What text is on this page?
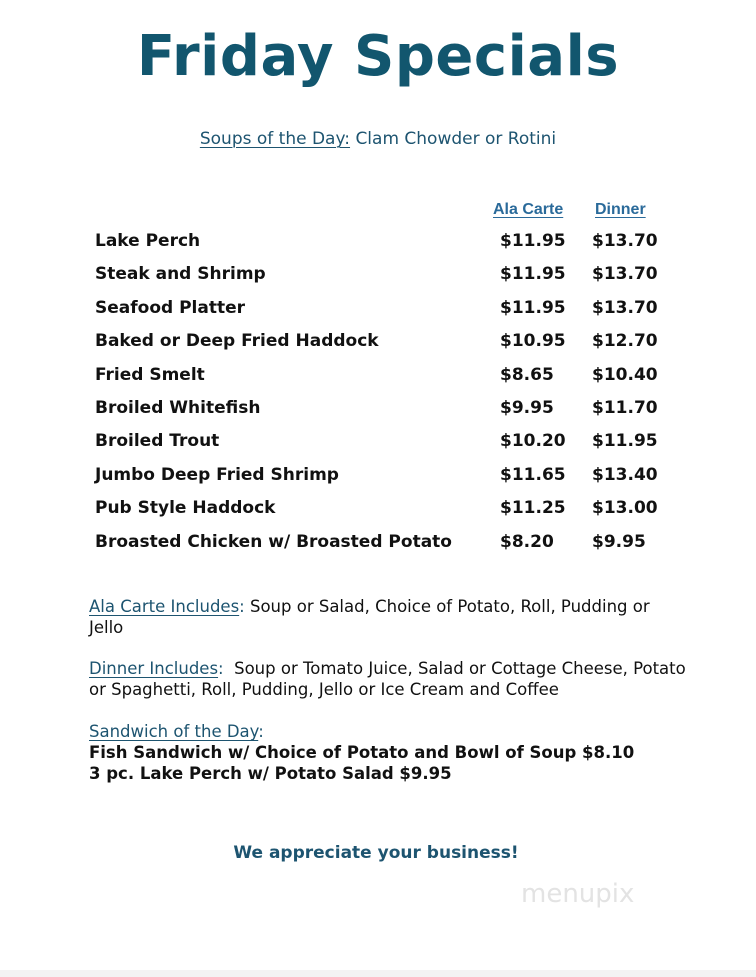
Friday Specials
Soups of the Day: Clam Chowder or Rotini
Ala Carte Dinner
Lake Perch	$11.95 $13.70
Steak and Shrimp	$11.95 $13.70
Seafood Platter	$11.95 $13.70
Baked or Deep Fried Haddock	$10.95 $12.70
Fried Smelt	$8.65 $10.40
Broiled Whitefish	$9.95 $11.70
Broiled Trout	$10.20 $11.95
Jumbo Deep Fried Shrimp	$11.65 $13.40
Pub Style Haddock	$11.25 $13.00
Broasted Chicken w/ Broasted Potato	$8.20 $9.95
Ala Carte Includes: Soup or Salad, Choice of Potato, Roll, Pudding or Jello
Dinner Includes:  Soup or Tomato Juice, Salad or Cottage Cheese, Potato or Spaghetti, Roll, Pudding, Jello or Ice Cream and Coffee
Sandwich of the Day:
Fish Sandwich w/ Choice of Potato and Bowl of Soup $8.10
3 pc. Lake Perch w/ Potato Salad $9.95
We appreciate your business!
menupix
